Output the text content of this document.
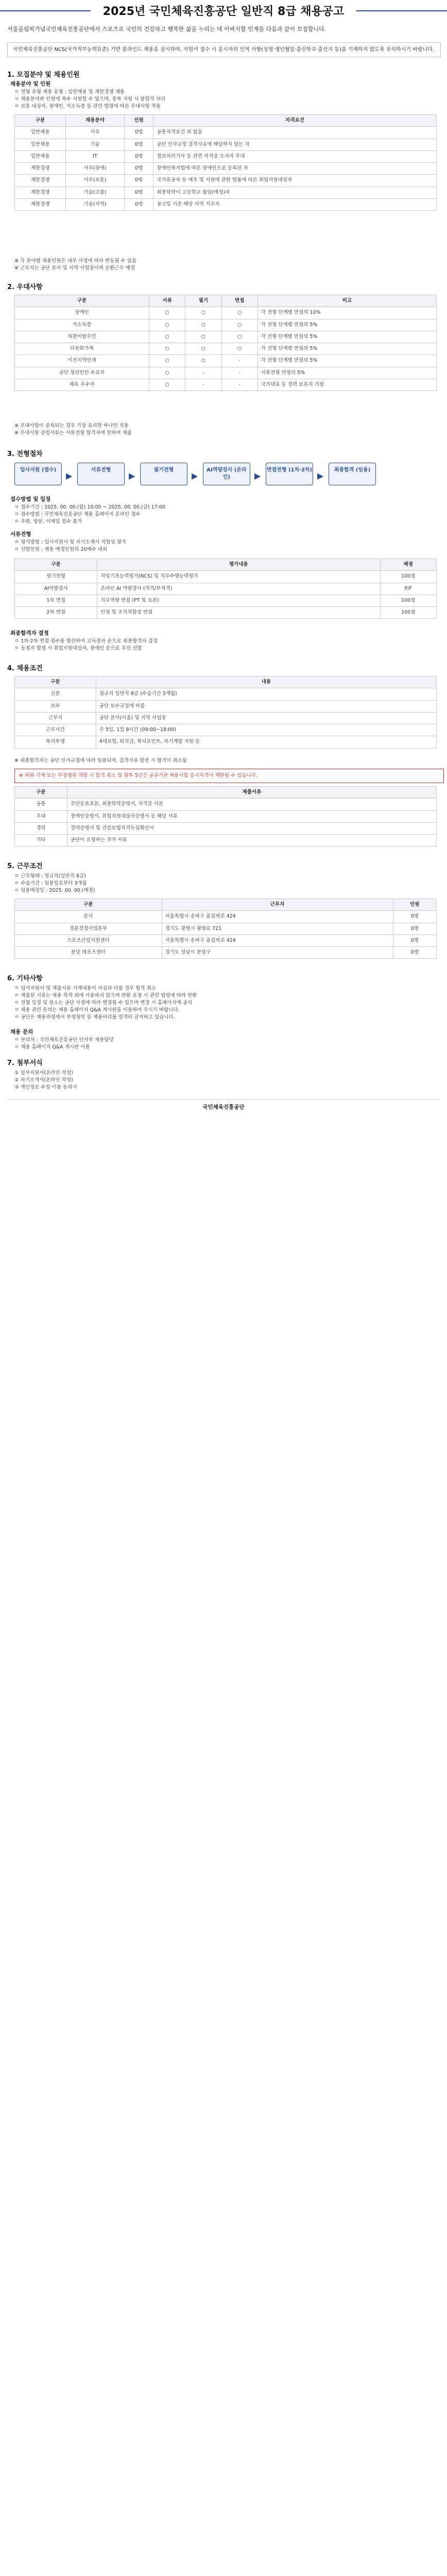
2025년 국민체육진흥공단 일반직 8급 채용공고
서울올림픽기념국민체육진흥공단에서 스포츠로 국민의 건강하고 행복한 삶을 누리는 데 이바지할 인재를 다음과 같이 모집합니다.
국민체육진흥공단 NCS(국가직무능력표준) 기반 블라인드 채용을 실시하며, 지원서 접수 시 응시자의 인적 사항(성명·생년월일·출신학교·출신지 등)을 기재하지 않도록 유의하시기 바랍니다.
1. 모집분야 및 채용인원
채용분야 및 인원
ㅇ 전형 유형 채용 유형 : 일반채용 및 제한경쟁 채용
ㅇ 채용분야와 인원에 복수 지원할 수 없으며, 중복 지원 시 불합격 처리
ㅇ 보훈 대상자, 장애인, 저소득층 등 관련 법령에 따른 우대사항 적용
구분	채용분야	인원	자격요건
일반채용	사무	0명	공통자격요건 외 없음
일반채용	기술	0명	공단 인사규정 결격사유에 해당하지 않는 자
일반채용	IT	0명	정보처리기사 등 관련 자격증 소지자 우대
제한경쟁	사무(장애)	0명	장애인복지법에 따른 장애인으로 등록된 자
제한경쟁	사무(보훈)	0명	국가유공자 등 예우 및 지원에 관한 법률에 따른 취업지원대상자
제한경쟁	기술(고졸)	0명	최종학력이 고등학교 졸업(예정)자
제한경쟁	기술(지역)	0명	공고일 기준 해당 지역 거주자
※ 각 분야별 채용인원은 내부 사정에 따라 변동될 수 있음
※ 근무지는 공단 본사 및 지역 사업장이며 순환근무 예정
2. 우대사항
구분	서류	필기	면접	비고
장애인	○	○	○	각 전형 단계별 만점의 10%
저소득층	○	○	○	각 전형 단계별 만점의 5%
북한이탈주민	○	○	○	각 전형 단계별 만점의 5%
다문화가족	○	○	○	각 전형 단계별 만점의 5%
이전지역인재	○	○	-	각 전형 단계별 만점의 5%
공단 청년인턴 수료자	○	-	-	서류전형 만점의 5%
체육 우수자	○	-	-	국가대표 등 경력 보유자 가점
※ 우대사항이 중복되는 경우 가장 유리한 하나만 적용
※ 우대사항 증빙서류는 서류전형 합격자에 한하여 제출
3. 전형절차
입사지원 (접수)
▶
서류전형
▶
필기전형
▶
AI역량검사 (온라인)	▶
면접전형 (1차·2차)
▶
최종합격 (임용)
접수방법 및 일정
ㅇ 접수기간 : 2025. 00. 00.(월) 10:00 ~ 2025. 00. 00.(금) 17:00
ㅇ 접수방법 : 국민체육진흥공단 채용 홈페이지 온라인 접수
ㅇ 우편, 방문, 이메일 접수 불가
서류전형
ㅇ 평가방법 : 입사지원서 및 자기소개서 적합성 평가
ㅇ 선발인원 : 채용 예정인원의 20배수 내외
구분	평가내용	배점
필기전형	직업기초능력평가(NCS) 및 직무수행능력평가	100점
AI역량검사	온라인 AI 역량검사 (적격/부적격)	P/F
1차 면접	직무역량 면접 (PT 및 토론)	100점
2차 면접	인성 및 조직적합성 면접	100점
최종합격자 결정
ㅇ 1차·2차 면접 점수를 합산하여 고득점자 순으로 최종합격자 결정
ㅇ 동점자 발생 시 취업지원대상자, 장애인 순으로 우선 선발
4. 채용조건
구분	내용
신분	정규직 일반직 8급 (수습기간 3개월)
보수	공단 보수규정에 따름
근무지	공단 본사(서울) 및 지역 사업장
근무시간	주 5일, 1일 8시간 (09:00~18:00)
복리후생	4대보험, 퇴직금, 복지포인트, 자기계발 지원 등
※ 최종합격자는 공단 인사규정에 따라 임용되며, 결격사유 발견 시 합격이 취소됨
※ 허위 기재 또는 부정행위 적발 시 합격 취소 및 향후 5년간 공공기관 채용시험 응시자격이 제한될 수 있습니다.
구분	제출서류
공통	주민등록초본, 최종학력증명서, 자격증 사본
우대	장애인증명서, 취업지원대상자증명서 등 해당 서류
경력	경력증명서 및 건강보험자격득실확인서
기타	공단이 요청하는 추가 서류
5. 근무조건
ㅇ 근무형태 : 정규직(일반직 8급)
ㅇ 수습기간 : 임용일로부터 3개월
ㅇ 임용예정일 : 2025. 00. 00.(예정)
구분	근무지	인원
본사	서울특별시 송파구 올림픽로 424	0명
경륜경정사업본부	경기도 광명시 광명로 721	0명
스포츠산업지원센터	서울특별시 송파구 올림픽로 424	0명
분당 레포츠센터	경기도 성남시 분당구	0명
6. 기타사항
ㅇ 입사지원서 및 제출서류 기재내용이 사실과 다를 경우 합격 취소
ㅇ 제출된 서류는 채용 목적 외에 사용하지 않으며 반환 요청 시 관련 법령에 따라 반환
ㅇ 전형 일정 및 장소는 공단 사정에 따라 변경될 수 있으며 변경 시 홈페이지에 공지
ㅇ 채용 관련 문의는 채용 홈페이지 Q&A 게시판을 이용하여 주시기 바랍니다.
ㅇ 공단은 채용과정에서 부정청탁 등 채용비리를 엄격히 금지하고 있습니다.
채용 문의
ㅇ 문의처 : 국민체육진흥공단 인사부 채용담당
ㅇ 채용 홈페이지 Q&A 게시판 이용
7. 첨부서식
① 입사지원서(온라인 작성)
② 자기소개서(온라인 작성)
③ 개인정보 수집·이용 동의서
국민체육진흥공단
